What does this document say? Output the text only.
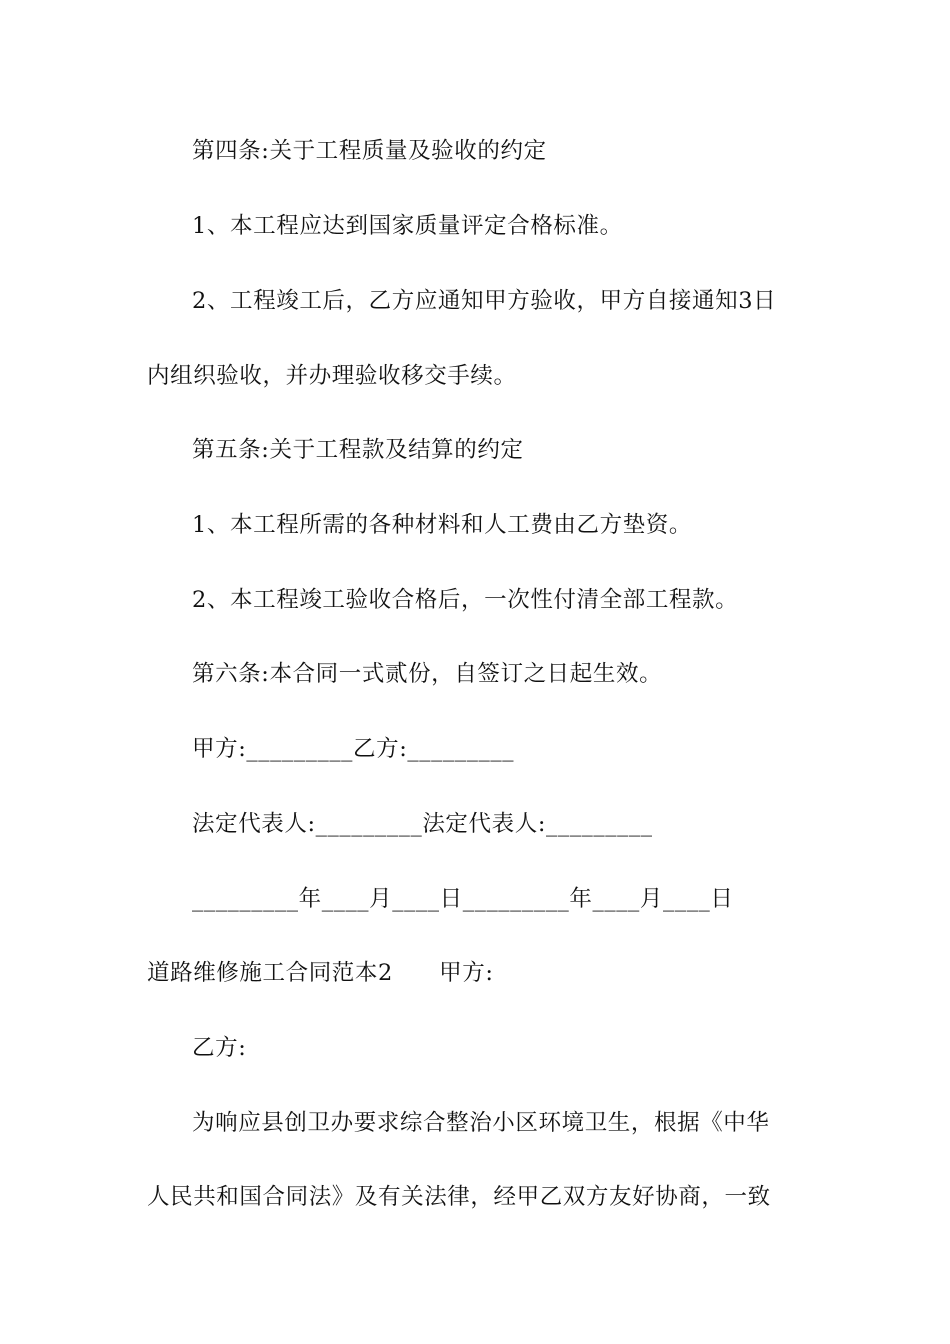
第四条:关于工程质量及验收的约定
1、本工程应达到国家质量评定合格标准。
2、工程竣工后，乙方应通知甲方验收，甲方自接通知3日
内组织验收，并办理验收移交手续。
第五条:关于工程款及结算的约定
1、本工程所需的各种材料和人工费由乙方垫资。
2、本工程竣工验收合格后，一次性付清全部工程款。
第六条:本合同一式贰份，自签订之日起生效。
甲方:_________乙方:_________
法定代表人:_________法定代表人:_________
_________年____月____日_________年____月____日
道路维修施工合同范本2　　甲方:
乙方:
为响应县创卫办要求综合整治小区环境卫生，根据《中华
人民共和国合同法》及有关法律，经甲乙双方友好协商，一致
